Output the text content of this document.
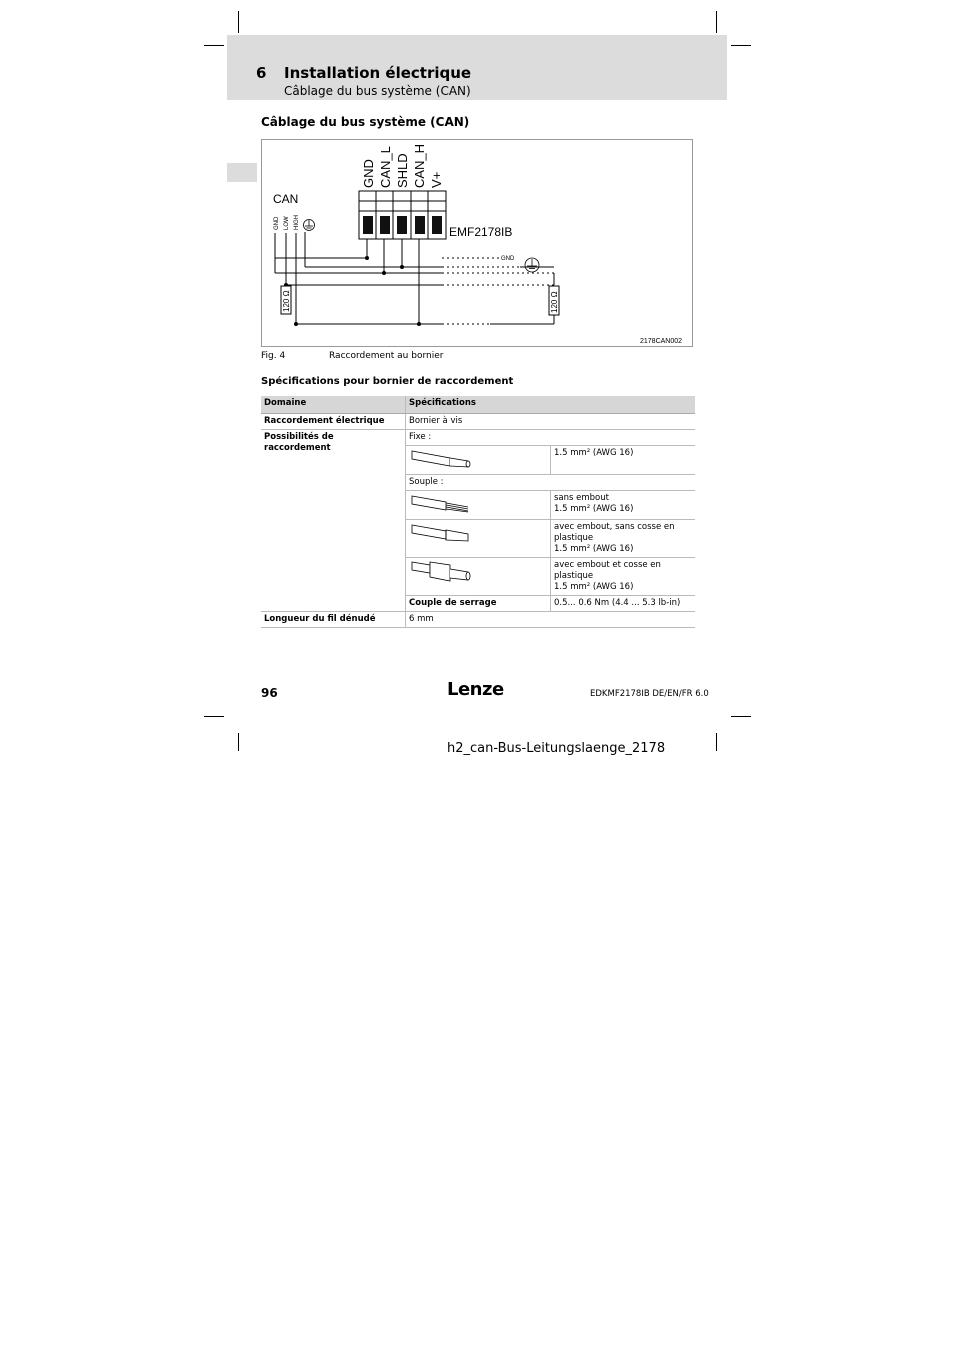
6 Installation électrique
Câblage du bus système (CAN)
Câblage du bus système (CAN)
GND CAN_L SHLD CAN_H V+
EMF2178IB
CAN
GND LOW HIGH
GND
120 Ω	120 Ω
2178CAN002
Fig. 4	Raccordement au bornier
Spécifications pour bornier de raccordement
Domaine	Spécifications	
Raccordement électrique	Bornier à vis	
Possibilités de raccordement	Fixe :	
	1.5 mm² (AWG 16)
	Souple :	

sans embout
1.5 mm² (AWG 16)

avec embout, sans cosse en plastique
1.5 mm² (AWG 16)

avec embout et cosse en plastique
1.5 mm² (AWG 16)

	Couple de serrage	0.5... 0.6 Nm (4.4 ... 5.3 lb-in)
Longueur du fil dénudé	6 mm	
96	Lenze	EDKMF2178IB DE/EN/FR 6.0
h2_can-Bus-Leitungslaenge_2178
